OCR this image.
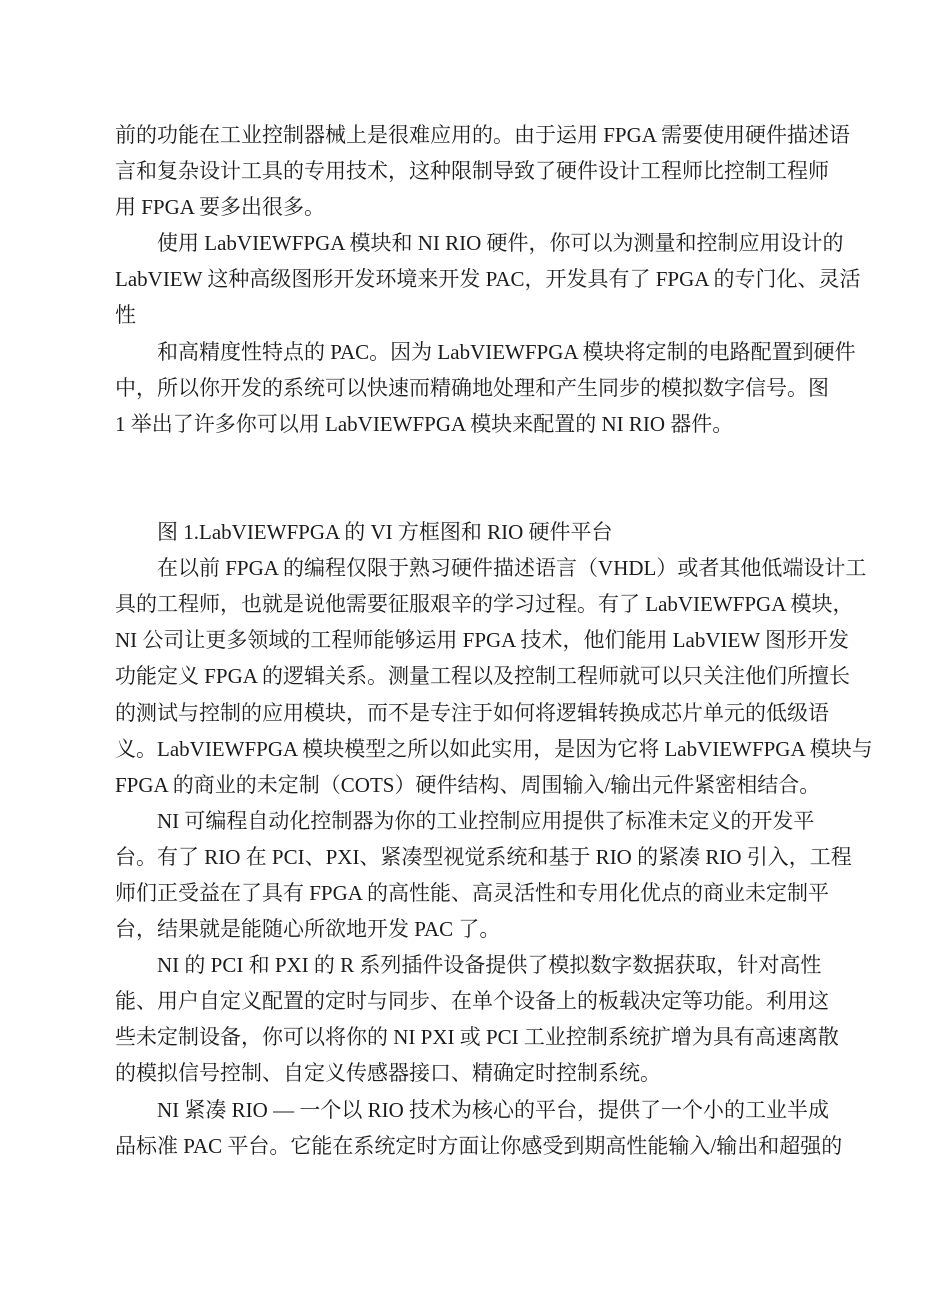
前的功能在工业控制器械上是很难应用的。由于运用 FPGA 需要使用硬件描述语
言和复杂设计工具的专用技术，这种限制导致了硬件设计工程师比控制工程师
用 FPGA 要多出很多。
使用 LabVIEWFPGA 模块和 NI RIO 硬件，你可以为测量和控制应用设计的
LabVIEW 这种高级图形开发环境来开发 PAC，开发具有了 FPGA 的专门化、灵活
性
和高精度性特点的 PAC。因为 LabVIEWFPGA 模块将定制的电路配置到硬件
中，所以你开发的系统可以快速而精确地处理和产生同步的模拟数字信号。图
1 举出了许多你可以用 LabVIEWFPGA 模块来配置的 NI RIO 器件。
图 1.LabVIEWFPGA 的 VI 方框图和 RIO 硬件平台
在以前 FPGA 的编程仅限于熟习硬件描述语言（VHDL）或者其他低端设计工
具的工程师，也就是说他需要征服艰辛的学习过程。有了 LabVIEWFPGA 模块，
NI 公司让更多领域的工程师能够运用 FPGA 技术，他们能用 LabVIEW 图形开发
功能定义 FPGA 的逻辑关系。测量工程以及控制工程师就可以只关注他们所擅长
的测试与控制的应用模块，而不是专注于如何将逻辑转换成芯片单元的低级语
义。LabVIEWFPGA 模块模型之所以如此实用，是因为它将 LabVIEWFPGA 模块与
FPGA 的商业的未定制（COTS）硬件结构、周围输入/输出元件紧密相结合。
NI 可编程自动化控制器为你的工业控制应用提供了标准未定义的开发平
台。有了 RIO 在 PCI、PXI、紧凑型视觉系统和基于 RIO 的紧凑 RIO 引入，工程
师们正受益在了具有 FPGA 的高性能、高灵活性和专用化优点的商业未定制平
台，结果就是能随心所欲地开发 PAC 了。
NI 的 PCI 和 PXI 的 R 系列插件设备提供了模拟数字数据获取，针对高性
能、用户自定义配置的定时与同步、在单个设备上的板载决定等功能。利用这
些未定制设备，你可以将你的 NI PXI 或 PCI 工业控制系统扩增为具有高速离散
的模拟信号控制、自定义传感器接口、精确定时控制系统。
NI 紧凑 RIO — 一个以 RIO 技术为核心的平台，提供了一个小的工业半成
品标准 PAC 平台。它能在系统定时方面让你感受到期高性能输入/输出和超强的
